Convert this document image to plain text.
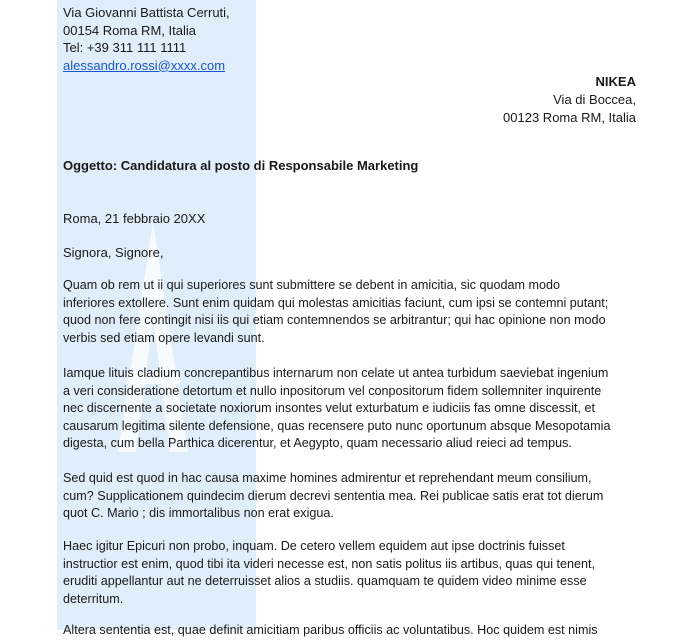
Via Giovanni Battista Cerruti,
00154 Roma RM, Italia
Tel: +39 311 111 1111
alessandro.rossi@xxxx.com
NIKEA
Via di Boccea,
00123 Roma RM, Italia
Oggetto: Candidatura al posto di Responsabile Marketing
Roma, 21 febbraio 20XX
Signora, Signore,
Quam ob rem ut ii qui superiores sunt submittere se debent in amicitia, sic quodam modo
inferiores extollere. Sunt enim quidam qui molestas amicitias faciunt, cum ipsi se contemni putant;
quod non fere contingit nisi iis qui etiam contemnendos se arbitrantur; qui hac opinione non modo
verbis sed etiam opere levandi sunt.
Iamque lituis cladium concrepantibus internarum non celate ut antea turbidum saeviebat ingenium
a veri consideratione detortum et nullo inpositorum vel conpositorum fidem sollemniter inquirente
nec discernente a societate noxiorum insontes velut exturbatum e iudiciis fas omne discessit, et
causarum legitima silente defensione, quas recensere puto nunc oportunum absque Mesopotamia
digesta, cum bella Parthica dicerentur, et Aegypto, quam necessario aliud reieci ad tempus.
Sed quid est quod in hac causa maxime homines admirentur et reprehendant meum consilium,
cum? Supplicationem quindecim dierum decrevi sententia mea. Rei publicae satis erat tot dierum
quot C. Mario ; dis immortalibus non erat exigua.
Haec igitur Epicuri non probo, inquam. De cetero vellem equidem aut ipse doctrinis fuisset
instructior est enim, quod tibi ita videri necesse est, non satis politus iis artibus, quas qui tenent,
eruditi appellantur aut ne deterruisset alios a studiis. quamquam te quidem video minime esse
deterritum.
Altera sententia est, quae definit amicitiam paribus officiis ac voluntatibus. Hoc quidem est nimis
